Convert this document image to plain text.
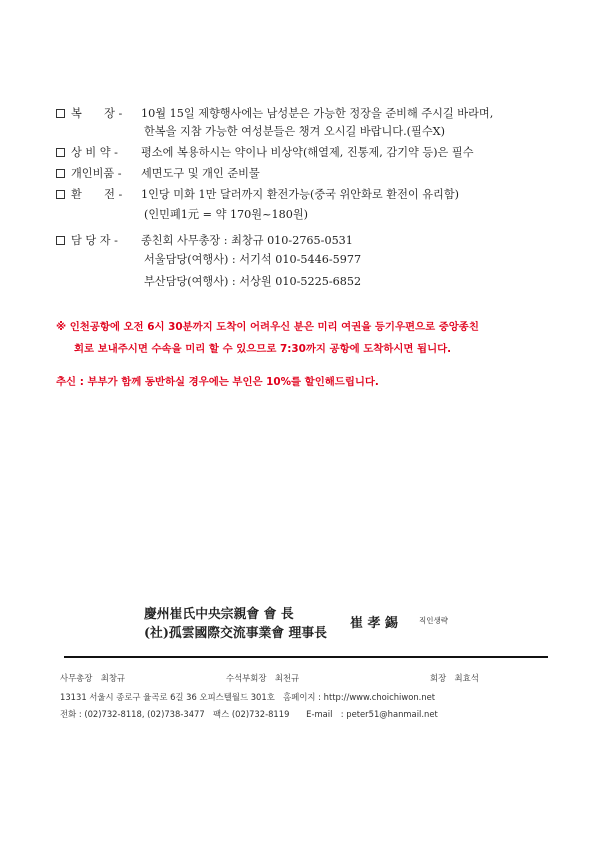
복　　장 - 10월 15일 제향행사에는 남성분은 가능한 정장을 준비해 주시길 바라며,
한복을 지참 가능한 여성분들은 챙겨 오시길 바랍니다.(필수X)
상 비 약 - 평소에 복용하시는 약이나 비상약(해열제, 진통제, 감기약 등)은 필수
개인비품 - 세면도구 및 개인 준비물
환　　전 - 1인당 미화 1만 달러까지 환전가능(중국 위안화로 환전이 유리함)
(인민폐1元 = 약 170원~180원)
담 당 자 - 종친회 사무총장 : 최창규 010-2765-0531
서울담당(여행사) : 서기석 010-5446-5977
부산담당(여행사) : 서상원 010-5225-6852
※ 인천공항에 오전 6시 30분까지 도착이 어려우신 분은 미리 여권을 등기우편으로 중앙종친
회로 보내주시면 수속을 미리 할 수 있으므로 7:30까지 공항에 도착하시면 됩니다.
추신 : 부부가 함께 동반하실 경우에는 부인은 10%를 할인해드립니다.
慶州崔氏中央宗親會 會 長
(社)孤雲國際交流事業會 理事長
崔 孝 錫	직인생략
사무총장　최창규	수석부회장　최천규	회장　최효석
13131 서울시 종로구 율곡로 6길 36 오피스텔월드 301호　홈페이지 : http://www.choichiwon.net
전화 : (02)732-8118, (02)738-3477　팩스 (02)732-8119　　E-mail　: peter51@hanmail.net
